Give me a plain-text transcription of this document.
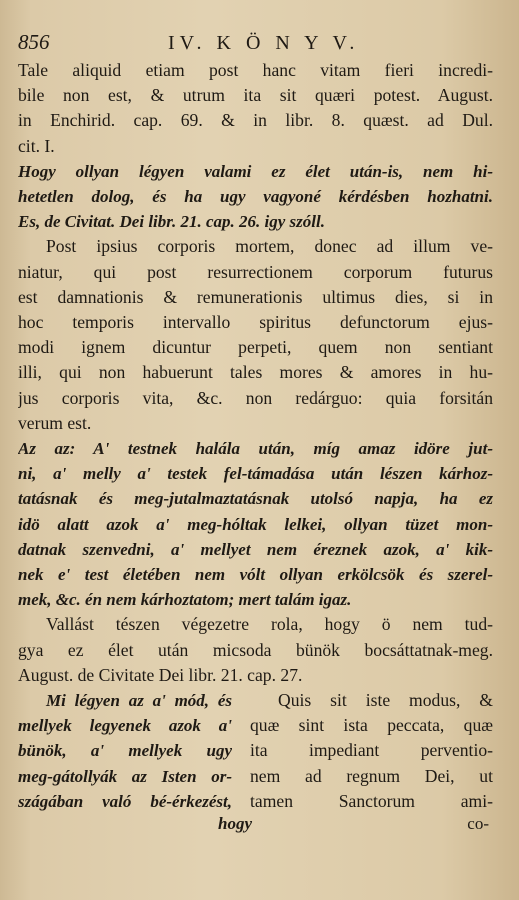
856	IV. K Ö N Y V.
Tale aliquid etiam post hanc vitam fieri incredi-
bile non est, & utrum ita sit quæri potest. August.
in Enchirid. cap. 69. & in libr. 8. quæst. ad Dul.
cit. I.
Hogy ollyan légyen valami ez élet után-is, nem hi-
hetetlen dolog, és ha ugy vagyoné kérdésben hozhatni.
Es, de Civitat. Dei libr. 21. cap. 26. igy szóll.
Post ipsius corporis mortem, donec ad illum ve-
niatur, qui post resurrectionem corporum futurus
est damnationis & remunerationis ultimus dies, si in
hoc temporis intervallo spiritus defunctorum ejus-
modi ignem dicuntur perpeti, quem non sentiant
illi, qui non habuerunt tales mores & amores in hu-
jus corporis vita, &c. non redárguo: quia forsitán
verum est.
Az az: A' testnek halála után, míg amaz idöre jut-
ni, a' melly a' testek fel-támadása után lészen kárhoz-
tatásnak és meg-jutalmaztatásnak utolsó napja, ha ez
idö alatt azok a' meg-hóltak lelkei, ollyan tüzet mon-
datnak szenvedni, a' mellyet nem éreznek azok, a' kik-
nek e' test életében nem vólt ollyan erkölcsök és szerel-
mek, &c. én nem kárhoztatom; mert talám igaz.
Vallást tészen végezetre rola, hogy ö nem tud-
gya ez élet után micsoda bünök bocsáttatnak-meg.
August. de Civitate Dei libr. 21. cap. 27.
Mi légyen az a' mód, és
mellyek legyenek azok a'
bünök, a' mellyek ugy
meg-gátollyák az Isten or-
szágában való bé-érkezést,
Quis sit iste modus, &
quæ sint ista peccata, quæ
ita impediant perventio-
nem ad regnum Dei, ut
tamen Sanctorum ami-
hogy	co-
